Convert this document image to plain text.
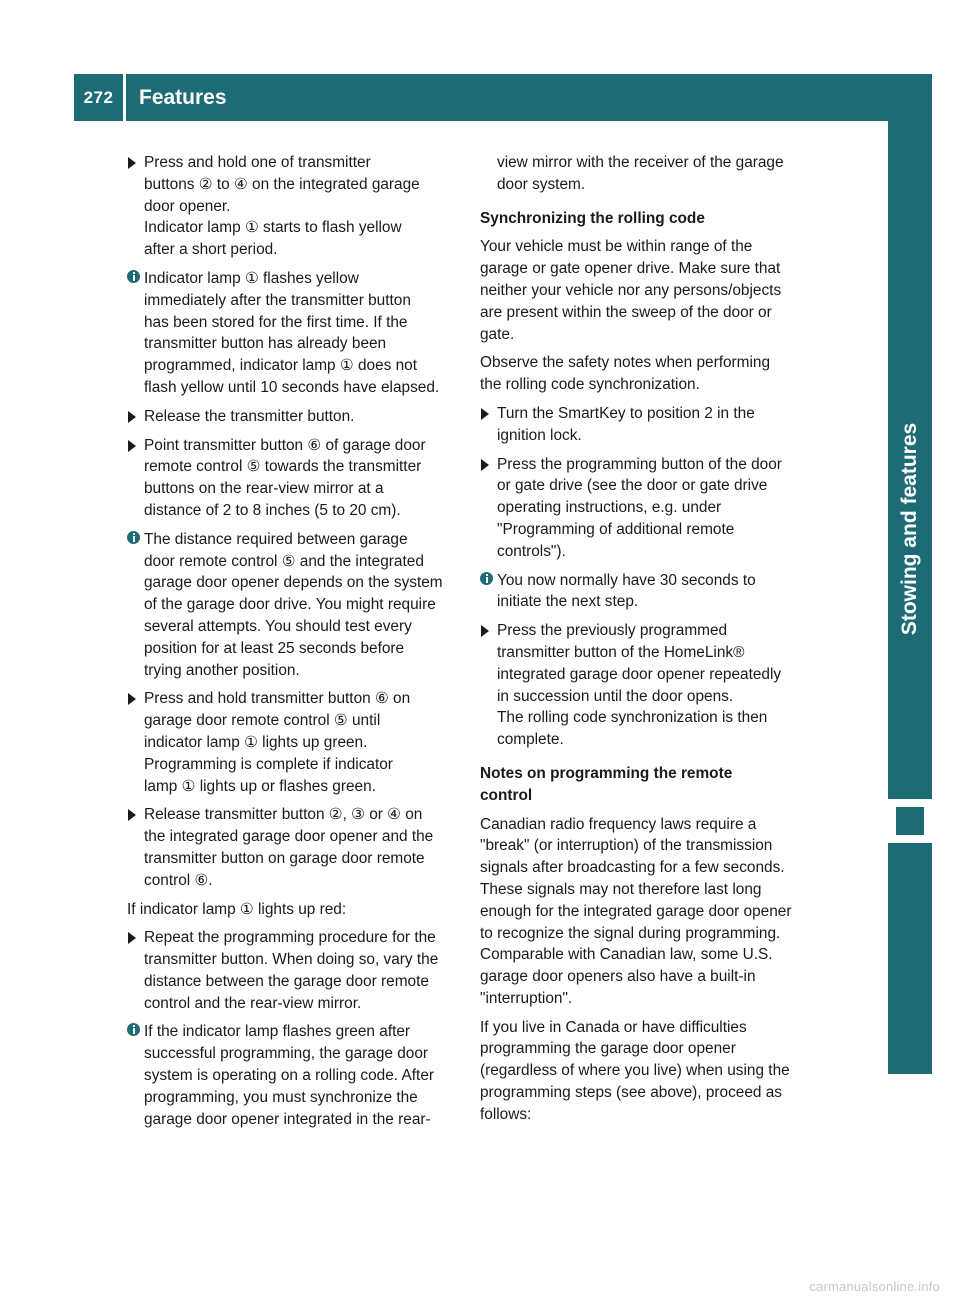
272	Features
Stowing and features
Press and hold one of transmitter
buttons ② to ④ on the integrated garage
door opener.
Indicator lamp ① starts to flash yellow
after a short period.
Indicator lamp ① flashes yellow
immediately after the transmitter button
has been stored for the first time. If the
transmitter button has already been
programmed, indicator lamp ① does not
flash yellow until 10 seconds have elapsed.
Release the transmitter button.
Point transmitter button ⑥ of garage door
remote control ⑤ towards the transmitter
buttons on the rear-view mirror at a
distance of 2 to 8 inches (5 to 20 cm).
The distance required between garage
door remote control ⑤ and the integrated
garage door opener depends on the system
of the garage door drive. You might require
several attempts. You should test every
position for at least 25 seconds before
trying another position.
Press and hold transmitter button ⑥ on
garage door remote control ⑤ until
indicator lamp ① lights up green.
Programming is complete if indicator
lamp ① lights up or flashes green.
Release transmitter button ②, ③ or ④ on
the integrated garage door opener and the
transmitter button on garage door remote
control ⑥.
If indicator lamp ① lights up red:
Repeat the programming procedure for the
transmitter button. When doing so, vary the
distance between the garage door remote
control and the rear-view mirror.
If the indicator lamp flashes green after
successful programming, the garage door
system is operating on a rolling code. After
programming, you must synchronize the
garage door opener integrated in the rear-
view mirror with the receiver of the garage
door system.
Synchronizing the rolling code
Your vehicle must be within range of the
garage or gate opener drive. Make sure that
neither your vehicle nor any persons/objects
are present within the sweep of the door or
gate.
Observe the safety notes when performing
the rolling code synchronization.
Turn the SmartKey to position 2 in the
ignition lock.
Press the programming button of the door
or gate drive (see the door or gate drive
operating instructions, e.g. under
"Programming of additional remote
controls").
You now normally have 30 seconds to
initiate the next step.
Press the previously programmed
transmitter button of the HomeLink®
integrated garage door opener repeatedly
in succession until the door opens.
The rolling code synchronization is then
complete.
Notes on programming the remote
control
Canadian radio frequency laws require a
"break" (or interruption) of the transmission
signals after broadcasting for a few seconds.
These signals may not therefore last long
enough for the integrated garage door opener
to recognize the signal during programming.
Comparable with Canadian law, some U.S.
garage door openers also have a built-in
"interruption".
If you live in Canada or have difficulties
programming the garage door opener
(regardless of where you live) when using the
programming steps (see above), proceed as
follows:
carmanualsonline.info
